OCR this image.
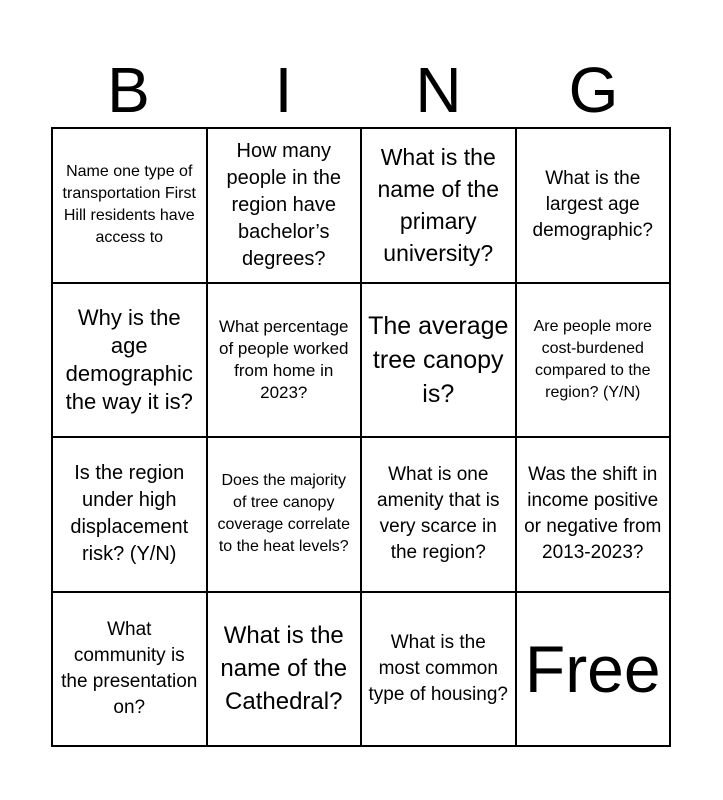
B	I	N	G
Name one type of transportation First Hill residents have access to
How many people in the region have bachelor’s degrees?
What is the name of the primary university?
What is the largest age demographic?
Why is the age demographic the way it is?
What percentage of people worked from home in 2023?
The average tree canopy is?
Are people more cost-burdened compared to the region? (Y/N)
Is the region under high displacement risk? (Y/N)
Does the majority of tree canopy coverage correlate to the heat levels?
What is one amenity that is very scarce in the region?
Was the shift in income positive or negative from 2013-2023?
What community is the presentation on?
What is the name of the Cathedral?
What is the most common type of housing? Free
